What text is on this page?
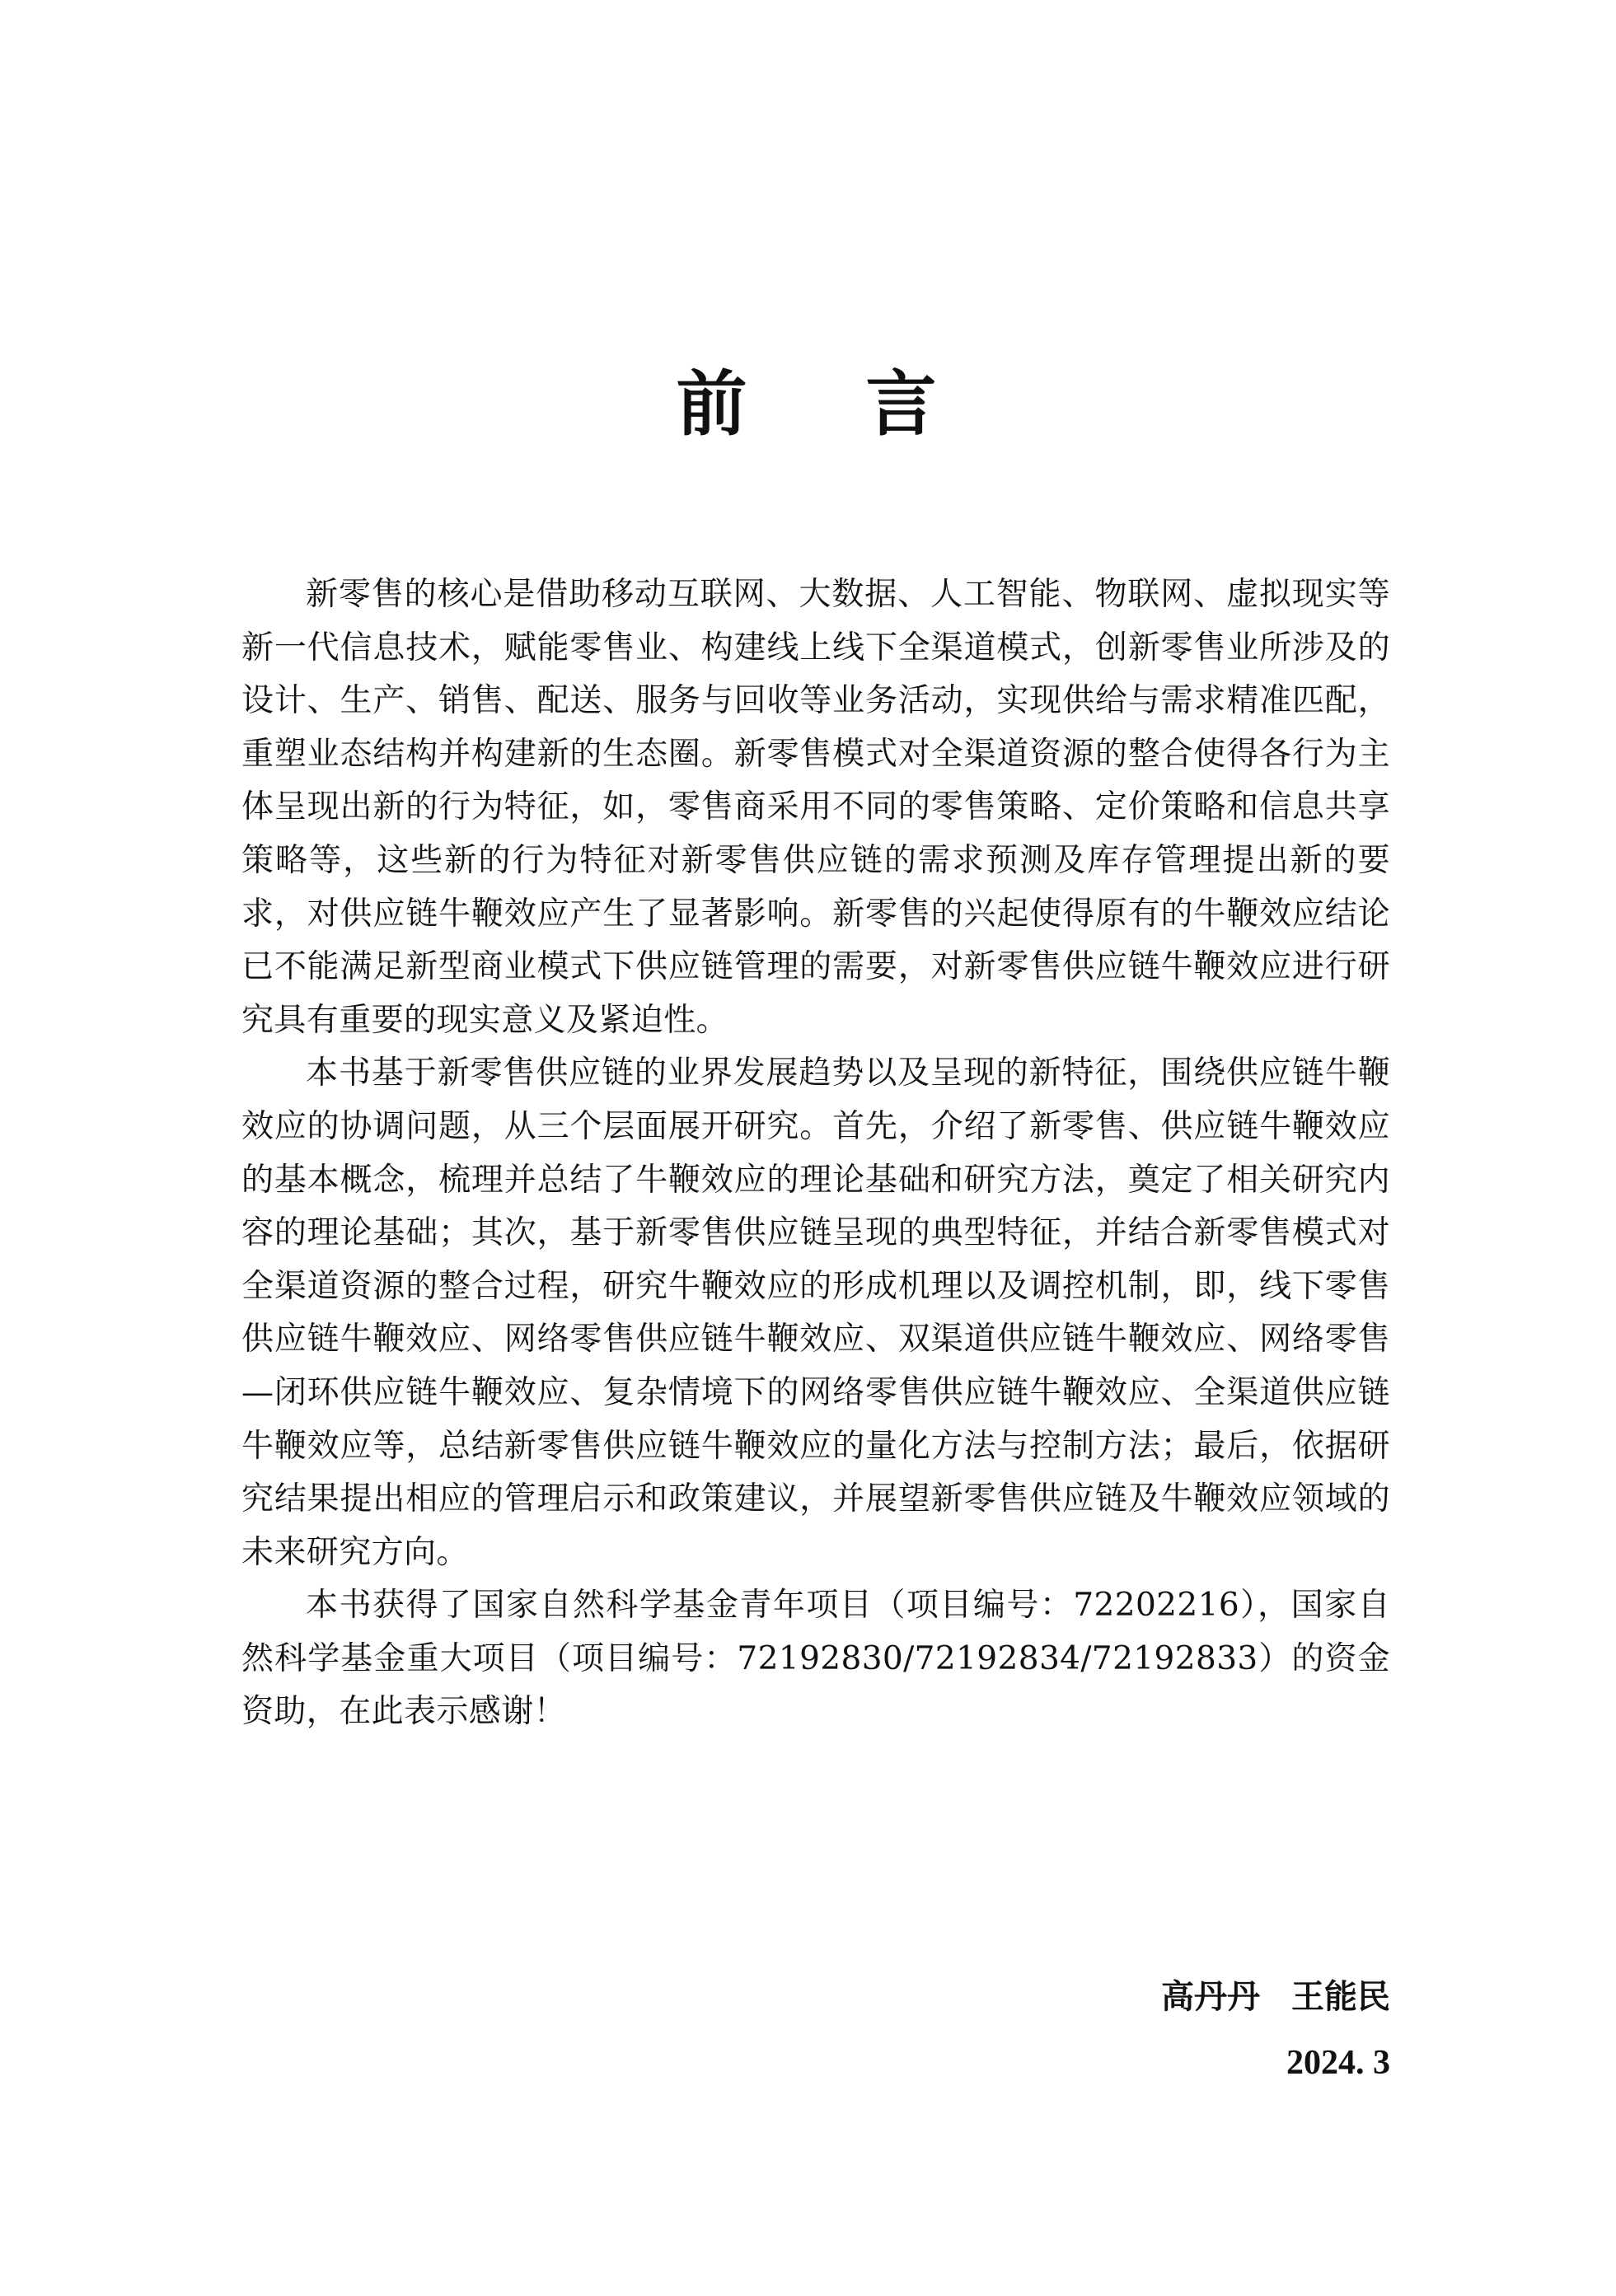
前 言

新零售的核心是借助移动互联网、大数据、人工智能、物联网、虚拟现实等新一代信息技术，赋能零售业、构建线上线下全渠道模式，创新零售业所涉及的设计、生产、销售、配送、服务与回收等业务活动，实现供给与需求精准匹配，重塑业态结构并构建新的生态圈。新零售模式对全渠道资源的整合使得各行为主体呈现出新的行为特征，如，零售商采用不同的零售策略、定价策略和信息共享策略等，这些新的行为特征对新零售供应链的需求预测及库存管理提出新的要求，对供应链牛鞭效应产生了显著影响。新零售的兴起使得原有的牛鞭效应结论已不能满足新型商业模式下供应链管理的需要，对新零售供应链牛鞭效应进行研究具有重要的现实意义及紧迫性。

本书基于新零售供应链的业界发展趋势以及呈现的新特征，围绕供应链牛鞭效应的协调问题，从三个层面展开研究。首先，介绍了新零售、供应链牛鞭效应的基本概念，梳理并总结了牛鞭效应的理论基础和研究方法，奠定了相关研究内容的理论基础；其次，基于新零售供应链呈现的典型特征，并结合新零售模式对全渠道资源的整合过程，研究牛鞭效应的形成机理以及调控机制，即，线下零售供应链牛鞭效应、网络零售供应链牛鞭效应、双渠道供应链牛鞭效应、网络零售—闭环供应链牛鞭效应、复杂情境下的网络零售供应链牛鞭效应、全渠道供应链牛鞭效应等，总结新零售供应链牛鞭效应的量化方法与控制方法；最后，依据研究结果提出相应的管理启示和政策建议，并展望新零售供应链及牛鞭效应领域的未来研究方向。

本书获得了国家自然科学基金青年项目（项目编号：72202216），国家自然科学基金重大项目（项目编号：72192830/72192834/72192833）的资金资助，在此表示感谢！

高丹丹 王能民
2024. 3
